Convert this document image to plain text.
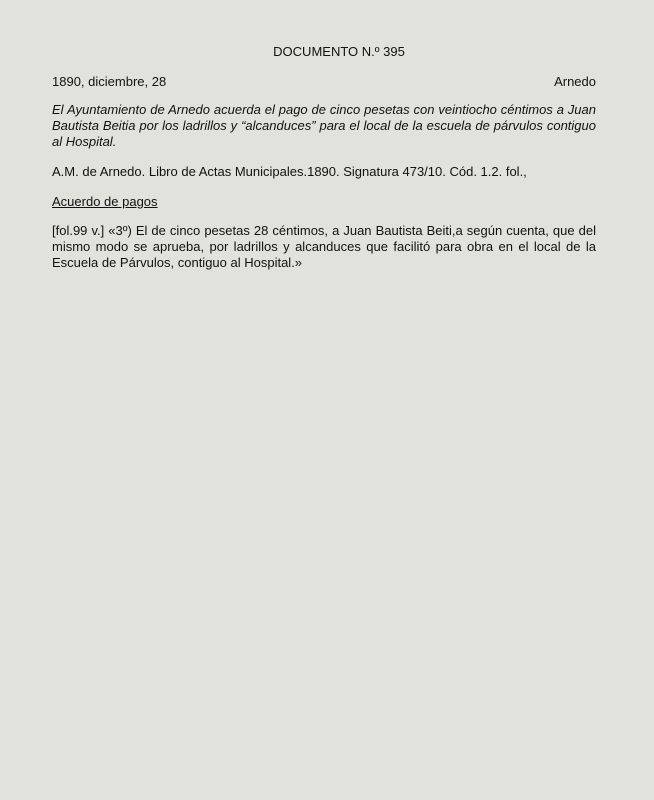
DOCUMENTO N.º 395
1890, diciembre, 28	Arnedo

El Ayuntamiento de Arnedo acuerda el pago de cinco pesetas con veintiocho céntimos a Juan Bautista Beitia por los ladrillos y “alcanduces” para el local de la escuela de párvulos contiguo al Hospital.

A.M. de Arnedo. Libro de Actas Municipales.1890. Signatura 473/10. Cód. 1.2. fol.,

Acuerdo de pagos

[fol.99 v.] «3º) El de cinco pesetas 28 céntimos, a Juan Bautista Beiti,a según cuenta, que del mismo modo se aprueba, por ladrillos y alcanduces que facilitó para obra en el local de la Escuela de Párvulos, contiguo al Hospital.»
